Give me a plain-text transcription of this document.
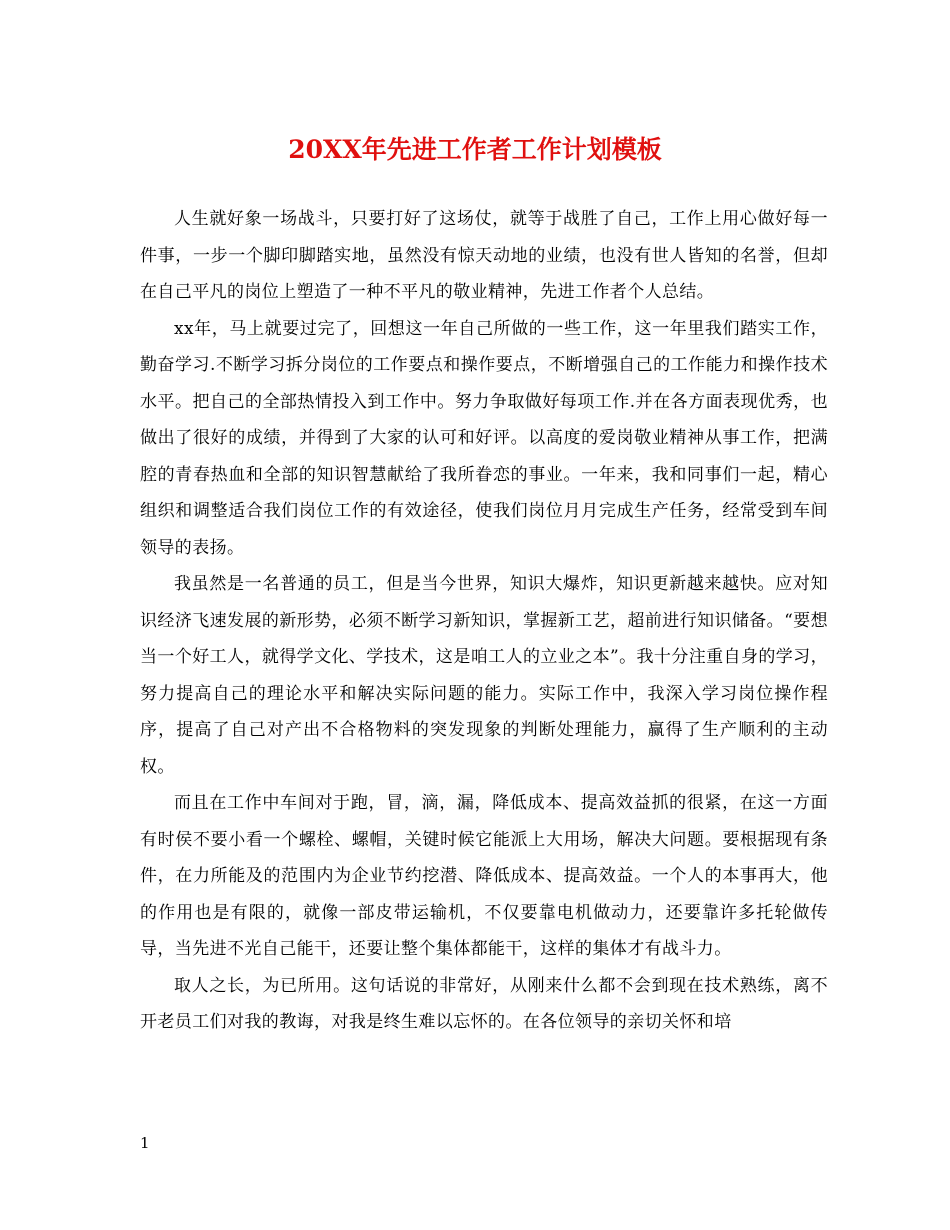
20XX年先进工作者工作计划模板

人生就好象一场战斗，只要打好了这场仗，就等于战胜了自己，工作上用心做好每一件事，一步一个脚印脚踏实地，虽然没有惊天动地的业绩，也没有世人皆知的名誉，但却在自己平凡的岗位上塑造了一种不平凡的敬业精神，先进工作者个人总结。

xx年，马上就要过完了，回想这一年自己所做的一些工作，这一年里我们踏实工作，勤奋学习.不断学习拆分岗位的工作要点和操作要点，不断增强自己的工作能力和操作技术水平。把自己的全部热情投入到工作中。努力争取做好每项工作.并在各方面表现优秀，也做出了很好的成绩，并得到了大家的认可和好评。以高度的爱岗敬业精神从事工作，把满腔的青春热血和全部的知识智慧献给了我所眷恋的事业。一年来，我和同事们一起，精心组织和调整适合我们岗位工作的有效途径，使我们岗位月月完成生产任务，经常受到车间领导的表扬。

我虽然是一名普通的员工，但是当今世界，知识大爆炸，知识更新越来越快。应对知识经济飞速发展的新形势，必须不断学习新知识，掌握新工艺，超前进行知识储备。“要想当一个好工人，就得学文化、学技术，这是咱工人的立业之本”。我十分注重自身的学习，努力提高自己的理论水平和解决实际问题的能力。实际工作中，我深入学习岗位操作程序，提高了自己对产出不合格物料的突发现象的判断处理能力，赢得了生产顺利的主动权。

而且在工作中车间对于跑，冒，滴，漏，降低成本、提高效益抓的很紧，在这一方面有时侯不要小看一个螺栓、螺帽，关键时候它能派上大用场，解决大问题。要根据现有条件，在力所能及的范围内为企业节约挖潜、降低成本、提高效益。一个人的本事再大，他的作用也是有限的，就像一部皮带运输机，不仅要靠电机做动力，还要靠许多托轮做传导，当先进不光自己能干，还要让整个集体都能干，这样的集体才有战斗力。

取人之长，为已所用。这句话说的非常好，从刚来什么都不会到现在技术熟练，离不开老员工们对我的教诲，对我是终生难以忘怀的。在各位领导的亲切关怀和培

1
